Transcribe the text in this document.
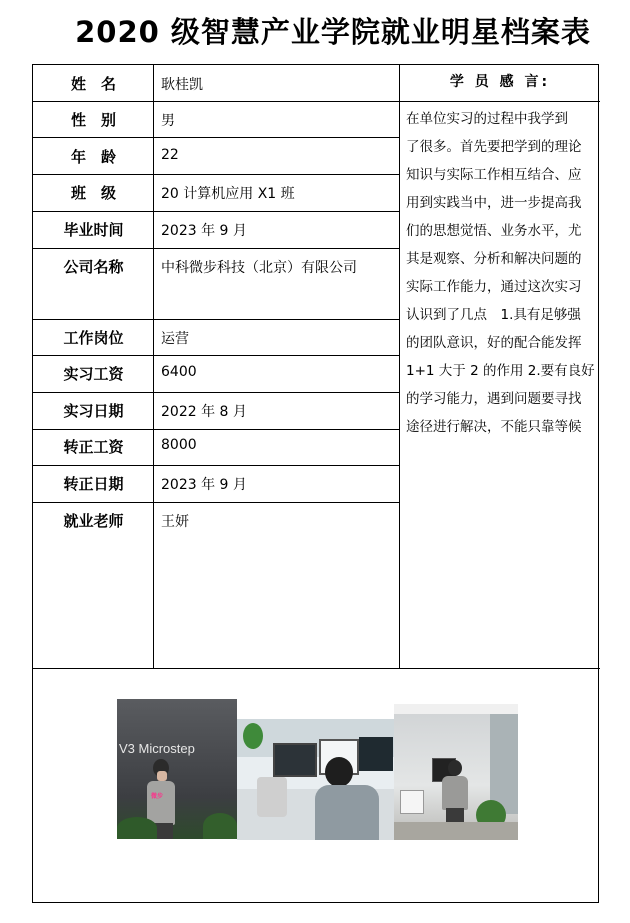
2020 级智慧产业学院就业明星档案表
姓　名	耿桂凯
性　别	男
年　龄	22
班　级	20 计算机应用 X1 班
毕业时间	2023 年 9 月
公司名称	中科微步科技（北京）有限公司
工作岗位	运营
实习工资	6400
实习日期	2022 年 8 月
转正工资	8000
转正日期	2023 年 9 月
就业老师	王妍
学 员 感 言:
在单位实习的过程中我学到
了很多。首先要把学到的理论
知识与实际工作相互结合、应
用到实践当中，进一步提高我
们的思想觉悟、业务水平，尤
其是观察、分析和解决问题的
实际工作能力，通过这次实习
认识到了几点　1.具有足够强
的团队意识，好的配合能发挥
1+1 大于 2 的作用 2.要有良好
的学习能力，遇到问题要寻找
途径进行解决，不能只靠等候
V3 Microstep
微步
